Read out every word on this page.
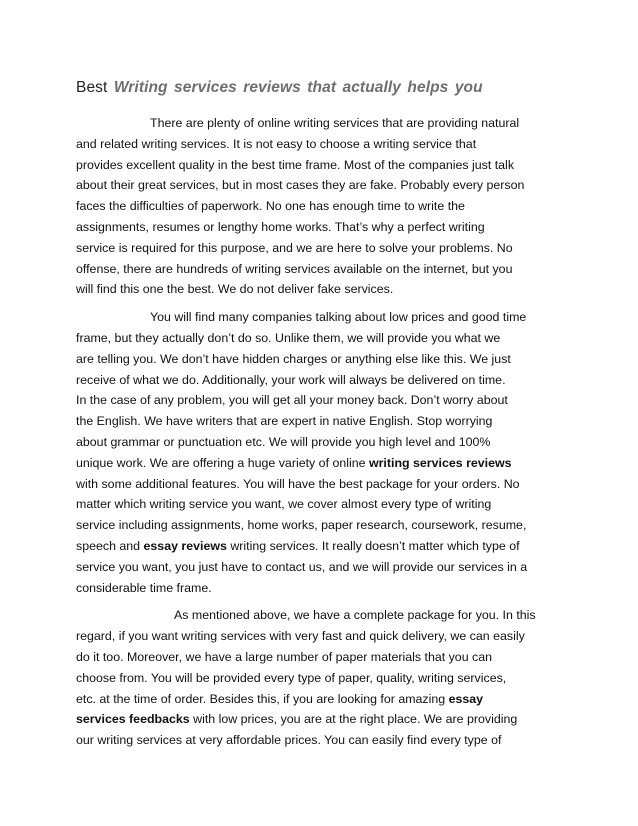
Best Writing services reviews that actually helps you

There are plenty of online writing services that are providing natural
and related writing services. It is not easy to choose a writing service that
provides excellent quality in the best time frame. Most of the companies just talk
about their great services, but in most cases they are fake. Probably every person
faces the difficulties of paperwork. No one has enough time to write the
assignments, resumes or lengthy home works. That’s why a perfect writing
service is required for this purpose, and we are here to solve your problems. No
offense, there are hundreds of writing services available on the internet, but you
will find this one the best. We do not deliver fake services.

You will find many companies talking about low prices and good time
frame, but they actually don’t do so. Unlike them, we will provide you what we
are telling you. We don’t have hidden charges or anything else like this. We just
receive of what we do. Additionally, your work will always be delivered on time.
In the case of any problem, you will get all your money back. Don’t worry about
the English. We have writers that are expert in native English. Stop worrying
about grammar or punctuation etc. We will provide you high level and 100%
unique work. We are offering a huge variety of online writing services reviews
with some additional features. You will have the best package for your orders. No
matter which writing service you want, we cover almost every type of writing
service including assignments, home works, paper research, coursework, resume,
speech and essay reviews writing services. It really doesn’t matter which type of
service you want, you just have to contact us, and we will provide our services in a
considerable time frame.

As mentioned above, we have a complete package for you. In this
regard, if you want writing services with very fast and quick delivery, we can easily
do it too. Moreover, we have a large number of paper materials that you can
choose from. You will be provided every type of paper, quality, writing services,
etc. at the time of order. Besides this, if you are looking for amazing essay
services feedbacks with low prices, you are at the right place. We are providing
our writing services at very affordable prices. You can easily find every type of
